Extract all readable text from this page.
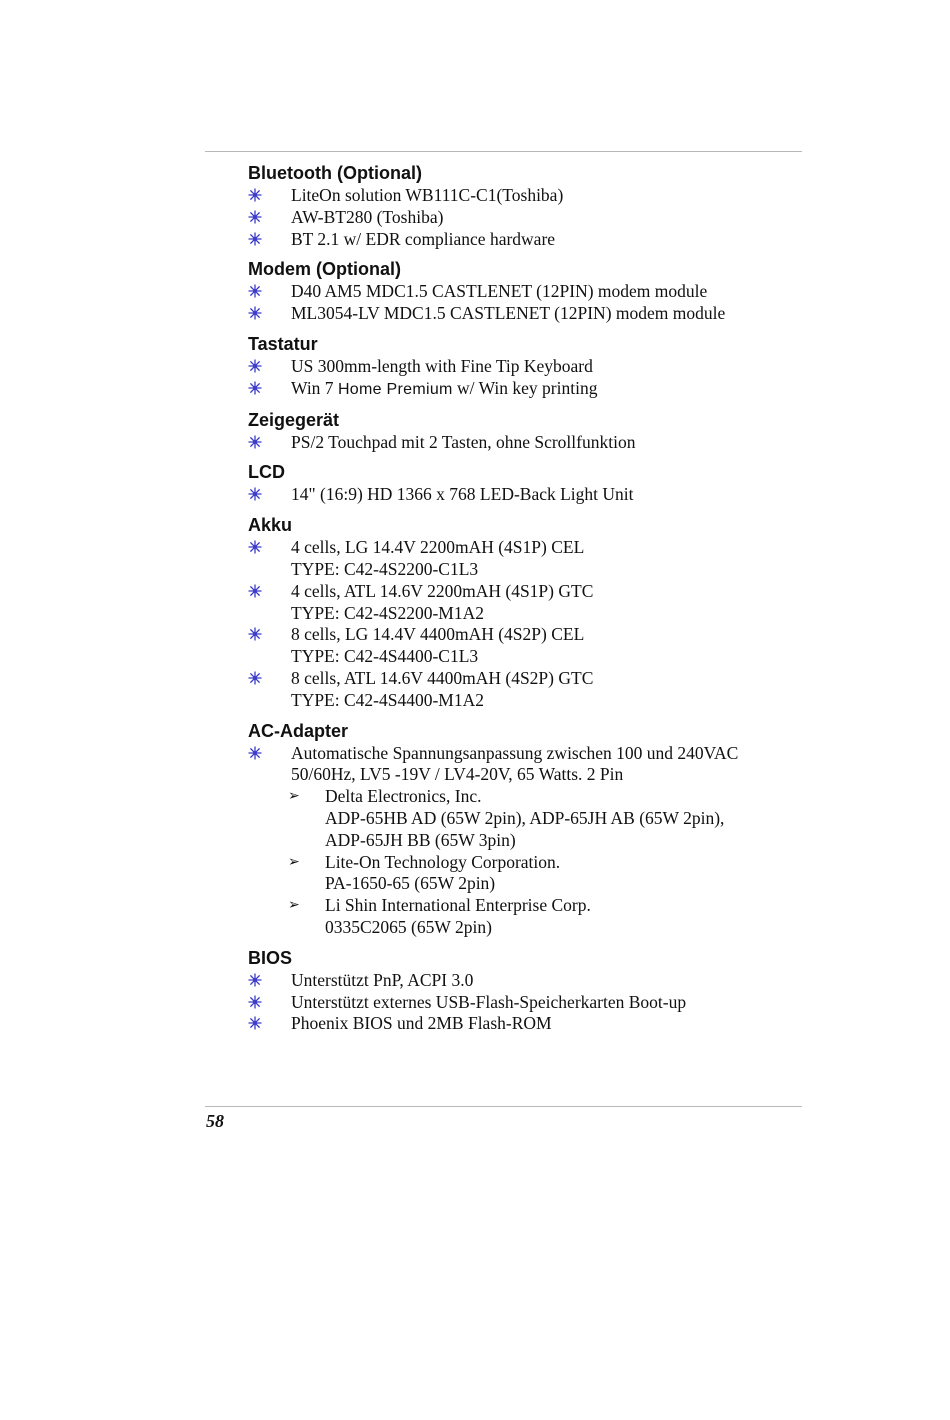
Bluetooth (Optional)
LiteOn solution WB111C-C1(Toshiba)
AW-BT280 (Toshiba)
BT 2.1 w/ EDR compliance hardware
Modem (Optional)
D40 AM5 MDC1.5 CASTLENET (12PIN) modem module
ML3054-LV MDC1.5 CASTLENET (12PIN) modem module
Tastatur
US 300mm-length with Fine Tip Keyboard
Win 7 Home Premium w/ Win key printing
Zeigegerät
PS/2 Touchpad mit 2 Tasten, ohne Scrollfunktion
LCD
14" (16:9) HD 1366 x 768 LED-Back Light Unit
Akku
4 cells, LG 14.4V 2200mAH (4S1P) CEL
TYPE: C42-4S2200-C1L3
4 cells, ATL 14.6V 2200mAH (4S1P) GTC
TYPE: C42-4S2200-M1A2
8 cells, LG 14.4V 4400mAH (4S2P) CEL
TYPE: C42-4S4400-C1L3
8 cells, ATL 14.6V 4400mAH (4S2P) GTC
TYPE: C42-4S4400-M1A2
AC-Adapter
Automatische Spannungsanpassung zwischen 100 und 240VAC
50/60Hz, LV5 -19V / LV4-20V, 65 Watts. 2 Pin
➢ Delta Electronics, Inc.
ADP-65HB AD (65W 2pin), ADP-65JH AB (65W 2pin),
ADP-65JH BB (65W 3pin)
➢ Lite-On Technology Corporation.
PA-1650-65 (65W 2pin)
➢ Li Shin International Enterprise Corp.
0335C2065 (65W 2pin)
BIOS
Unterstützt PnP, ACPI 3.0
Unterstützt externes USB-Flash-Speicherkarten Boot-up
Phoenix BIOS und 2MB Flash-ROM
58
